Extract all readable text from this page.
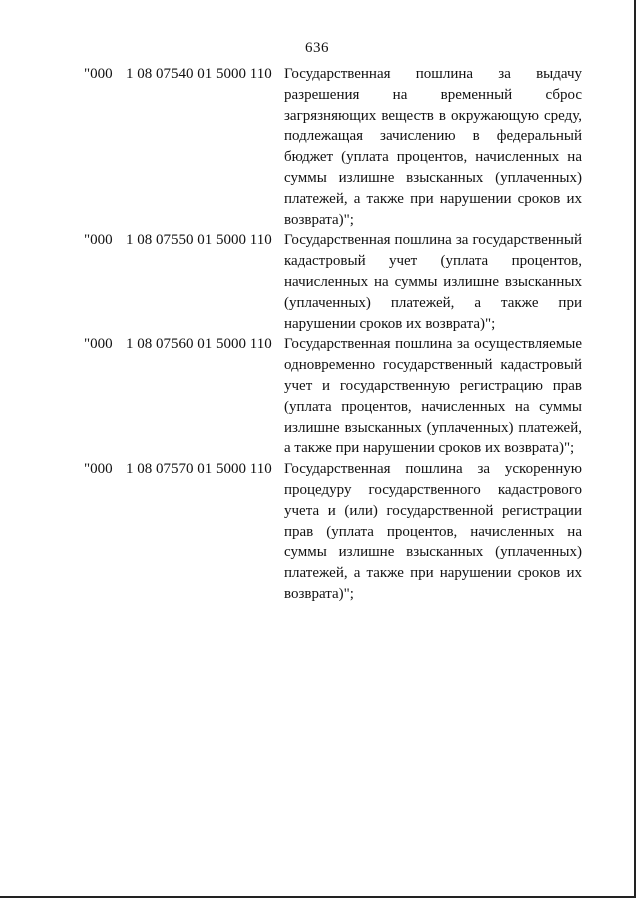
636
"000 1 08 07540 01 5000 110 Государственная пошлина за выдачу разрешения на временный сброс загрязняющих веществ в окружающую среду, подлежащая зачислению в федеральный бюджет (уплата процентов, начисленных на суммы излишне взысканных (уплаченных) платежей, а также при нарушении сроков их возврата)";
"000 1 08 07550 01 5000 110 Государственная пошлина за государственный кадастровый учет (уплата процентов, начисленных на суммы излишне взысканных (уплаченных) платежей, а также при нарушении сроков их возврата)";
"000 1 08 07560 01 5000 110 Государственная пошлина за осуществляемые одновременно государственный кадастровый учет и государственную регистрацию прав (уплата процентов, начисленных на суммы излишне взысканных (уплаченных) платежей, а также при нарушении сроков их возврата)";
"000 1 08 07570 01 5000 110 Государственная пошлина за ускоренную процедуру государственного кадастрового учета и (или) государственной регистрации прав (уплата процентов, начисленных на суммы излишне взысканных (уплаченных) платежей, а также при нарушении сроков их возврата)";
